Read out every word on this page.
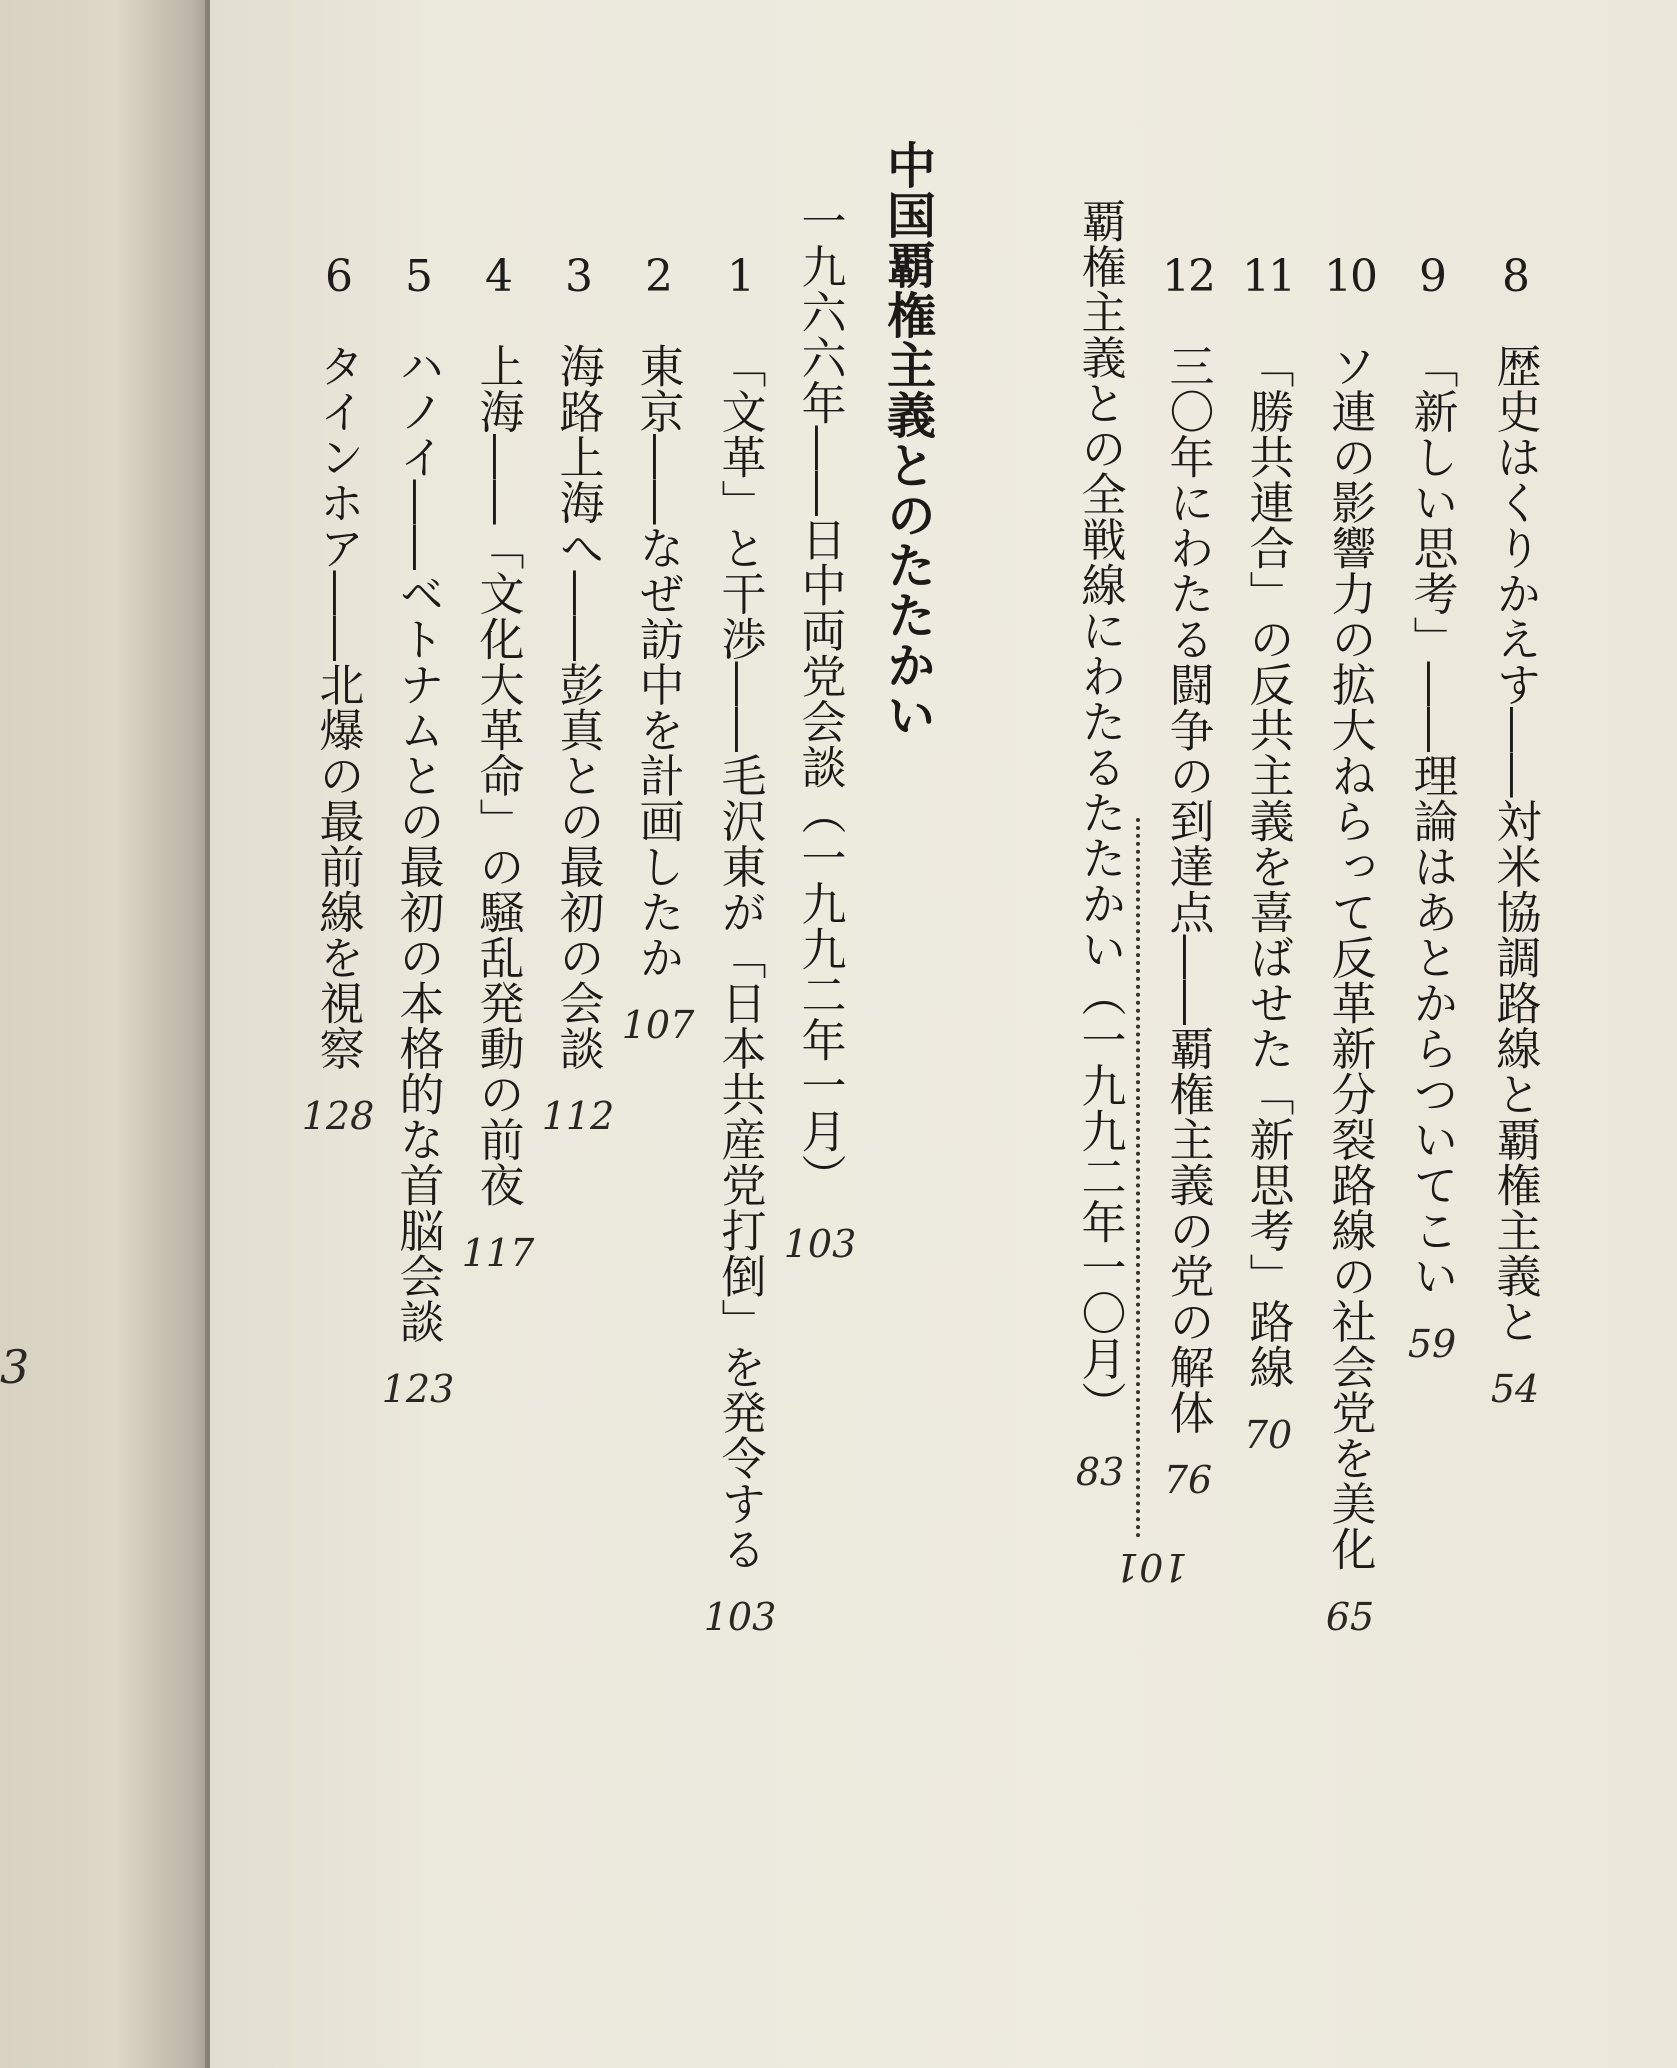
3
8
歴史はくりかえす――対米協調路線と覇権主義と
54
9
「新しい思考」――理論はあとからついてこい
59
10
ソ連の影響力の拡大ねらって反革新分裂路線の社会党を美化
65
11
「勝共連合」の反共主義を喜ばせた「新思考」路線
70
12
三〇年にわたる闘争の到達点――覇権主義の党の解体
76
覇権主義との全戦線にわたるたたかい（一九九二年一〇月）
83
中国覇権主義とのたたかい
101
一九六六年――日中両党会談（一九九二年一月）
103
1
「文革」と干渉――毛沢東が「日本共産党打倒」を発令する
103
2
東京――なぜ訪中を計画したか
107
3
海路上海へ――彭真との最初の会談
112
4
上海――「文化大革命」の騒乱発動の前夜
117
5
ハノイ――ベトナムとの最初の本格的な首脳会談
123
6
タインホア――北爆の最前線を視察
128
